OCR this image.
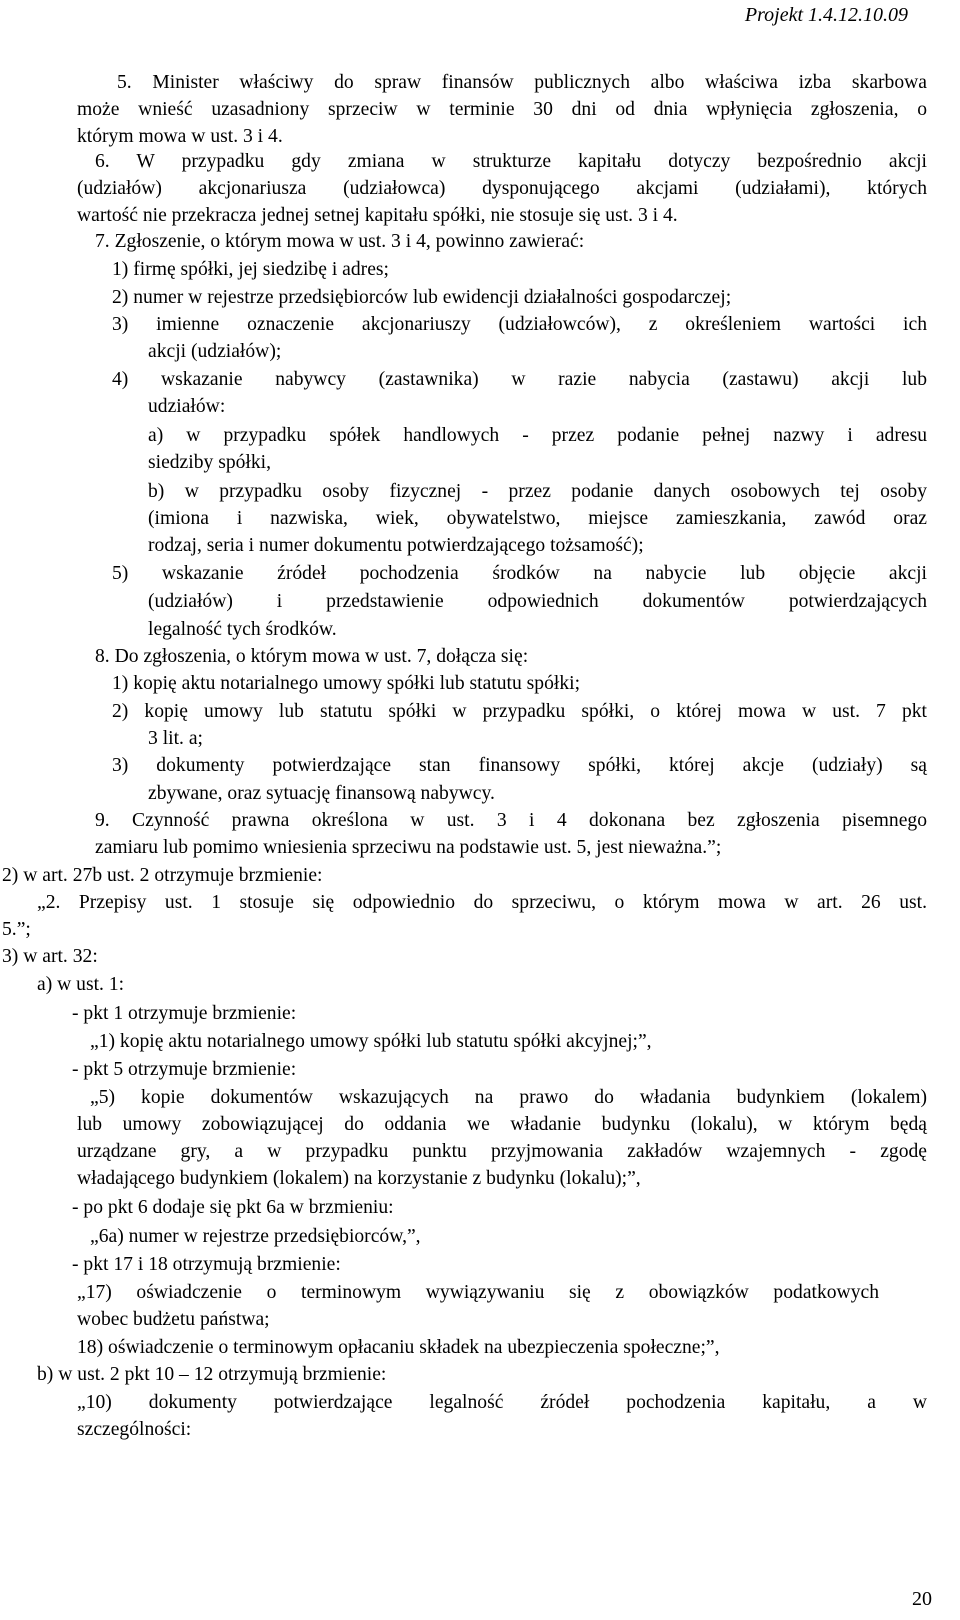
Projekt 1.4.12.10.09
5. Minister właściwy do spraw finansów publicznych albo właściwa izba skarbowa
może wnieść uzasadniony sprzeciw w terminie 30 dni od dnia wpłynięcia zgłoszenia, o
którym mowa w ust. 3 i 4.
6. W przypadku gdy zmiana w strukturze kapitału dotyczy bezpośrednio akcji
(udziałów) akcjonariusza (udziałowca) dysponującego akcjami (udziałami), których
wartość nie przekracza jednej setnej kapitału spółki, nie stosuje się ust. 3 i 4.
7. Zgłoszenie, o którym mowa w ust. 3 i 4, powinno zawierać:
1) firmę spółki, jej siedzibę i adres;
2) numer w rejestrze przedsiębiorców lub ewidencji działalności gospodarczej;
3) imienne oznaczenie akcjonariuszy (udziałowców), z określeniem wartości ich
akcji (udziałów);
4) wskazanie nabywcy (zastawnika) w razie nabycia (zastawu) akcji lub
udziałów:
a) w przypadku spółek handlowych - przez podanie pełnej nazwy i adresu
siedziby spółki,
b) w przypadku osoby fizycznej - przez podanie danych osobowych tej osoby
(imiona i nazwiska, wiek, obywatelstwo, miejsce zamieszkania, zawód oraz
rodzaj, seria i numer dokumentu potwierdzającego tożsamość);
5) wskazanie źródeł pochodzenia środków na nabycie lub objęcie akcji
(udziałów) i przedstawienie odpowiednich dokumentów potwierdzających
legalność tych środków.
8. Do zgłoszenia, o którym mowa w ust. 7, dołącza się:
1) kopię aktu notarialnego umowy spółki lub statutu spółki;
2) kopię umowy lub statutu spółki w przypadku spółki, o której mowa w ust. 7 pkt
3 lit. a;
3) dokumenty potwierdzające stan finansowy spółki, której akcje (udziały) są
zbywane, oraz sytuację finansową nabywcy.
9. Czynność prawna określona w ust. 3 i 4 dokonana bez zgłoszenia pisemnego
zamiaru lub pomimo wniesienia sprzeciwu na podstawie ust. 5, jest nieważna.”;
2) w art. 27b ust. 2 otrzymuje brzmienie:
„2. Przepisy ust. 1 stosuje się odpowiednio do sprzeciwu, o którym mowa w art. 26 ust.
5.”;
3) w art. 32:
a) w ust. 1:
- pkt 1 otrzymuje brzmienie:
„1) kopię aktu notarialnego umowy spółki lub statutu spółki akcyjnej;”,
- pkt 5 otrzymuje brzmienie:
„5) kopie dokumentów wskazujących na prawo do władania budynkiem (lokalem)
lub umowy zobowiązującej do oddania we władanie budynku (lokalu), w którym będą
urządzane gry, a w przypadku punktu przyjmowania zakładów wzajemnych - zgodę
władającego budynkiem (lokalem) na korzystanie z budynku (lokalu);”,
- po pkt 6 dodaje się pkt 6a w brzmieniu:
„6a) numer w rejestrze przedsiębiorców,”,
- pkt 17 i 18 otrzymują brzmienie:
„17) oświadczenie o terminowym wywiązywaniu się z obowiązków podatkowych
wobec budżetu państwa;
18) oświadczenie o terminowym opłacaniu składek na ubezpieczenia społeczne;”,
b) w ust. 2 pkt 10 – 12 otrzymują brzmienie:
„10) dokumenty potwierdzające legalność źródeł pochodzenia kapitału, a w
szczególności:
20
